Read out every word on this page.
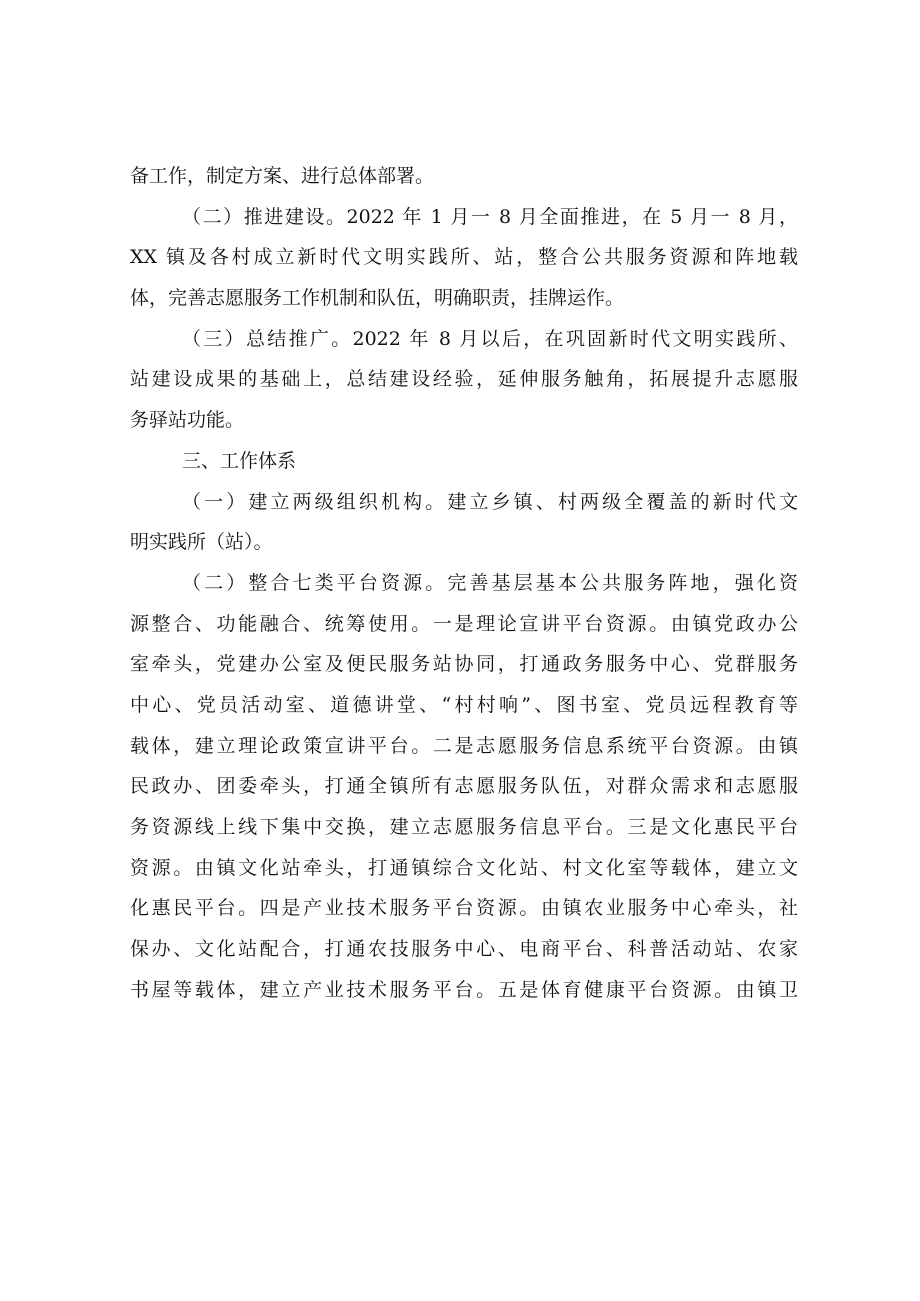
备工作，制定方案、进行总体部署。
（二）推进建设。2022 年 1 月一 8 月全面推进，在 5 月一 8 月，
XX 镇及各村成立新时代文明实践所、站，整合公共服务资源和阵地载
体，完善志愿服务工作机制和队伍，明确职责，挂牌运作。
（三）总结推广。2022 年 8 月以后，在巩固新时代文明实践所、
站建设成果的基础上，总结建设经验，延伸服务触角，拓展提升志愿服
务驿站功能。
三、工作体系
（一）建立两级组织机构。建立乡镇、村两级全覆盖的新时代文
明实践所（站）。
（二）整合七类平台资源。完善基层基本公共服务阵地，强化资
源整合、功能融合、统筹使用。一是理论宣讲平台资源。由镇党政办公
室牵头，党建办公室及便民服务站协同，打通政务服务中心、党群服务
中心、党员活动室、道德讲堂、“村村响”、图书室、党员远程教育等
载体，建立理论政策宣讲平台。二是志愿服务信息系统平台资源。由镇
民政办、团委牵头，打通全镇所有志愿服务队伍，对群众需求和志愿服
务资源线上线下集中交换，建立志愿服务信息平台。三是文化惠民平台
资源。由镇文化站牵头，打通镇综合文化站、村文化室等载体，建立文
化惠民平台。四是产业技术服务平台资源。由镇农业服务中心牵头，社
保办、文化站配合，打通农技服务中心、电商平台、科普活动站、农家
书屋等载体，建立产业技术服务平台。五是体育健康平台资源。由镇卫
